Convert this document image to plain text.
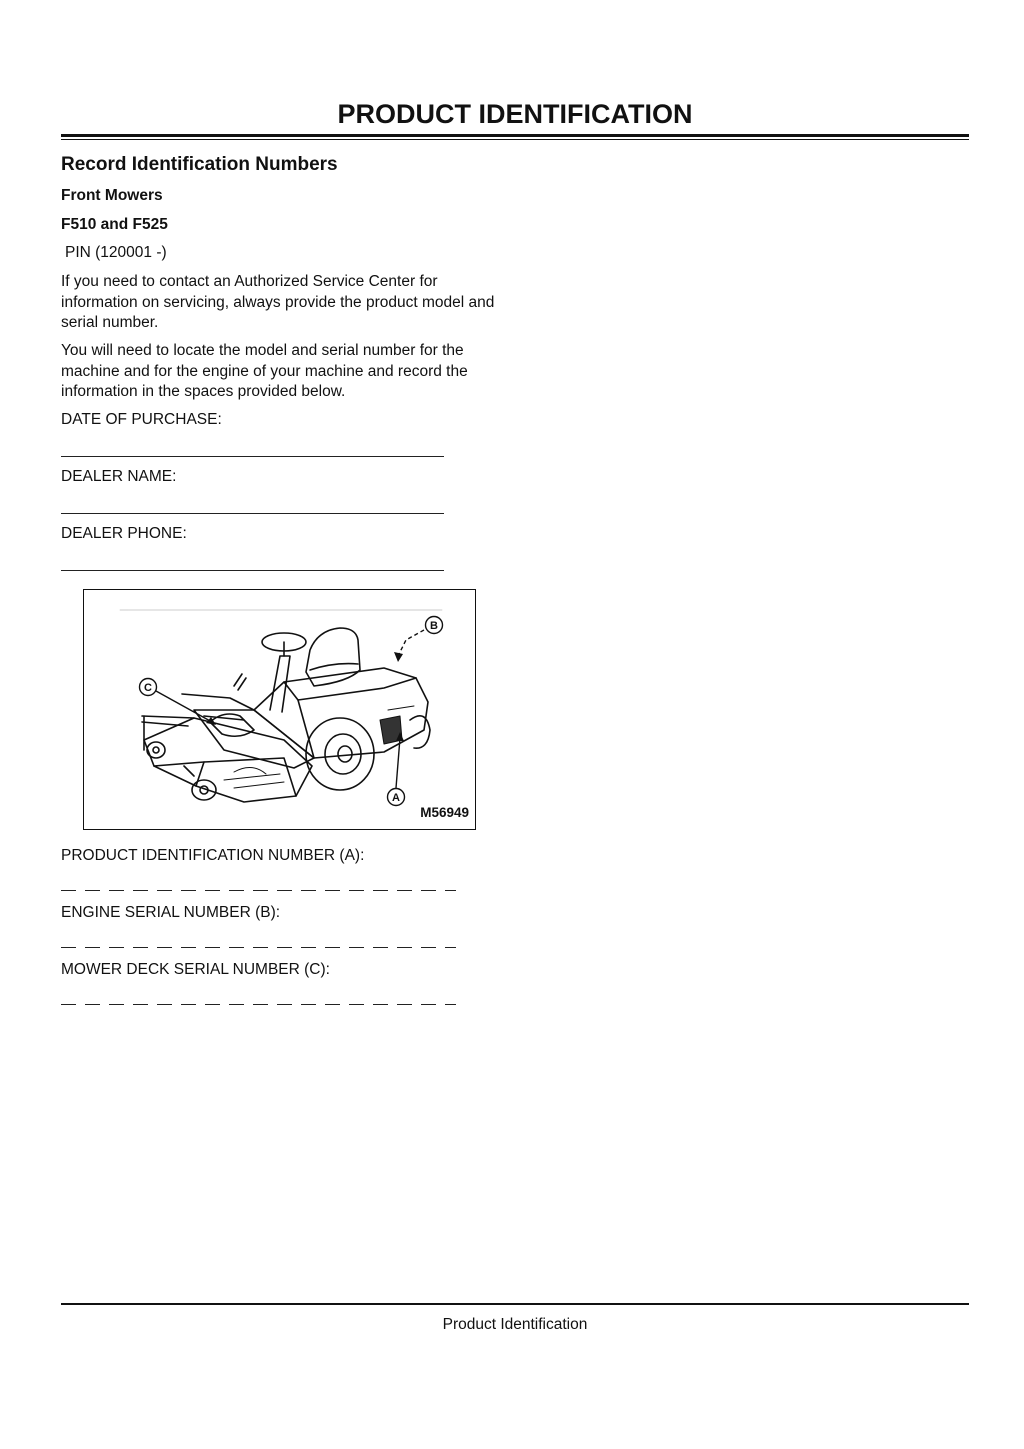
PRODUCT IDENTIFICATION
Record Identification Numbers
Front Mowers
F510 and F525
PIN (120001 -)
If you need to contact an Authorized Service Center for information on servicing, always provide the product model and serial number.
You will need to locate the model and serial number for the machine and for the engine of your machine and record the information in the spaces provided below.
DATE OF PURCHASE:
DEALER NAME:
DEALER PHONE:
B
C
A
M56949
PRODUCT IDENTIFICATION NUMBER (A):
ENGINE SERIAL NUMBER (B):
MOWER DECK SERIAL NUMBER (C):
Product Identification
